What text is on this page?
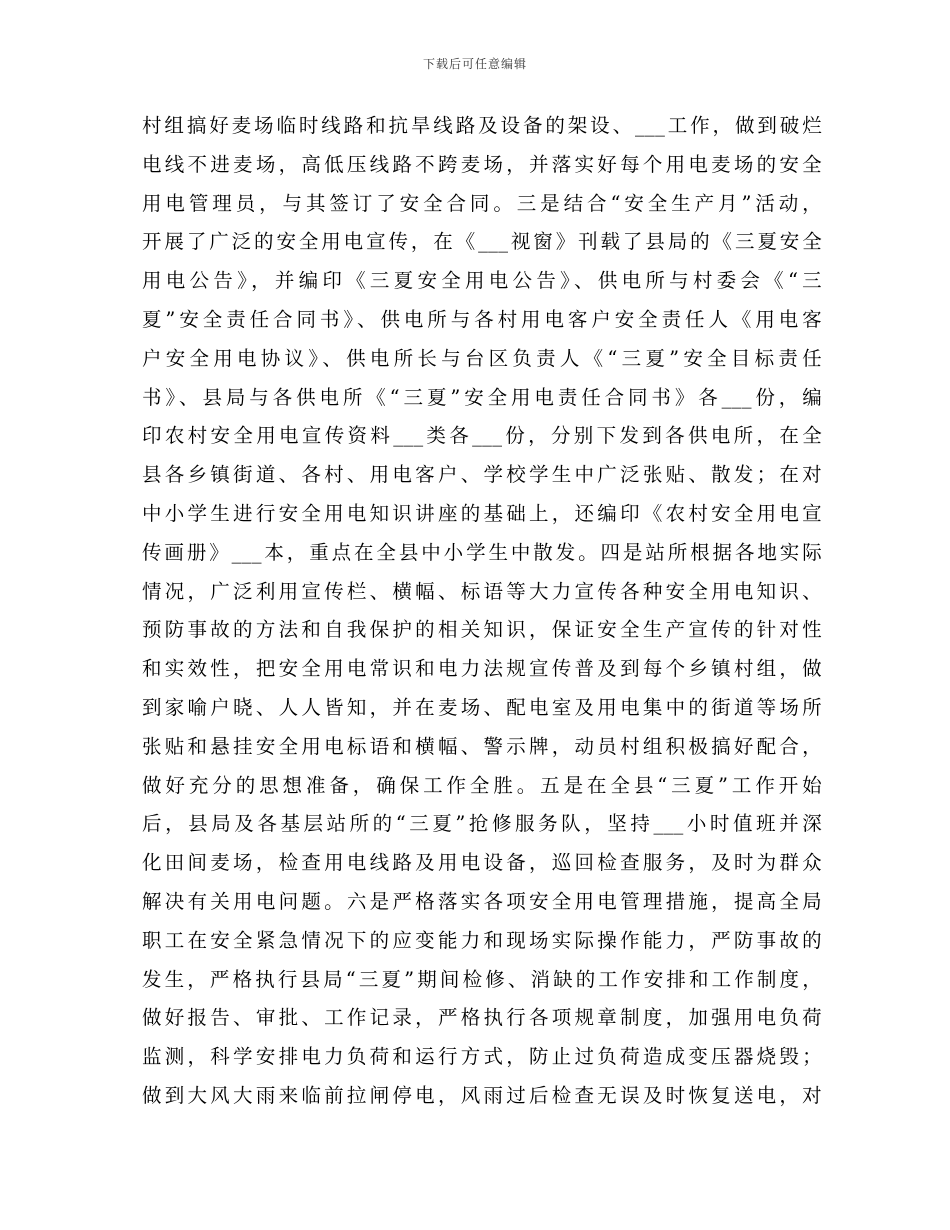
下载后可任意编辑
村组搞好麦场临时线路和抗旱线路及设备的架设、___工作，做到破烂
电线不进麦场，高低压线路不跨麦场，并落实好每个用电麦场的安全
用电管理员，与其签订了安全合同。三是结合“安全生产月”活动，
开展了广泛的安全用电宣传，在《___视窗》刊载了县局的《三夏安全
用电公告》，并编印《三夏安全用电公告》、供电所与村委会《“三
夏”安全责任合同书》、供电所与各村用电客户安全责任人《用电客
户安全用电协议》、供电所长与台区负责人《“三夏”安全目标责任
书》、县局与各供电所《“三夏”安全用电责任合同书》各___份，编
印农村安全用电宣传资料___类各___份，分别下发到各供电所，在全
县各乡镇街道、各村、用电客户、学校学生中广泛张贴、散发；在对
中小学生进行安全用电知识讲座的基础上，还编印《农村安全用电宣
传画册》___本，重点在全县中小学生中散发。四是站所根据各地实际
情况，广泛利用宣传栏、横幅、标语等大力宣传各种安全用电知识、
预防事故的方法和自我保护的相关知识，保证安全生产宣传的针对性
和实效性，把安全用电常识和电力法规宣传普及到每个乡镇村组，做
到家喻户晓、人人皆知，并在麦场、配电室及用电集中的街道等场所
张贴和悬挂安全用电标语和横幅、警示牌，动员村组积极搞好配合，
做好充分的思想准备，确保工作全胜。五是在全县“三夏”工作开始
后，县局及各基层站所的“三夏”抢修服务队，坚持___小时值班并深
化田间麦场，检查用电线路及用电设备，巡回检查服务，及时为群众
解决有关用电问题。六是严格落实各项安全用电管理措施，提高全局
职工在安全紧急情况下的应变能力和现场实际操作能力，严防事故的
发生，严格执行县局“三夏”期间检修、消缺的工作安排和工作制度，
做好报告、审批、工作记录，严格执行各项规章制度，加强用电负荷
监测，科学安排电力负荷和运行方式，防止过负荷造成变压器烧毁；
做到大风大雨来临前拉闸停电，风雨过后检查无误及时恢复送电，对
